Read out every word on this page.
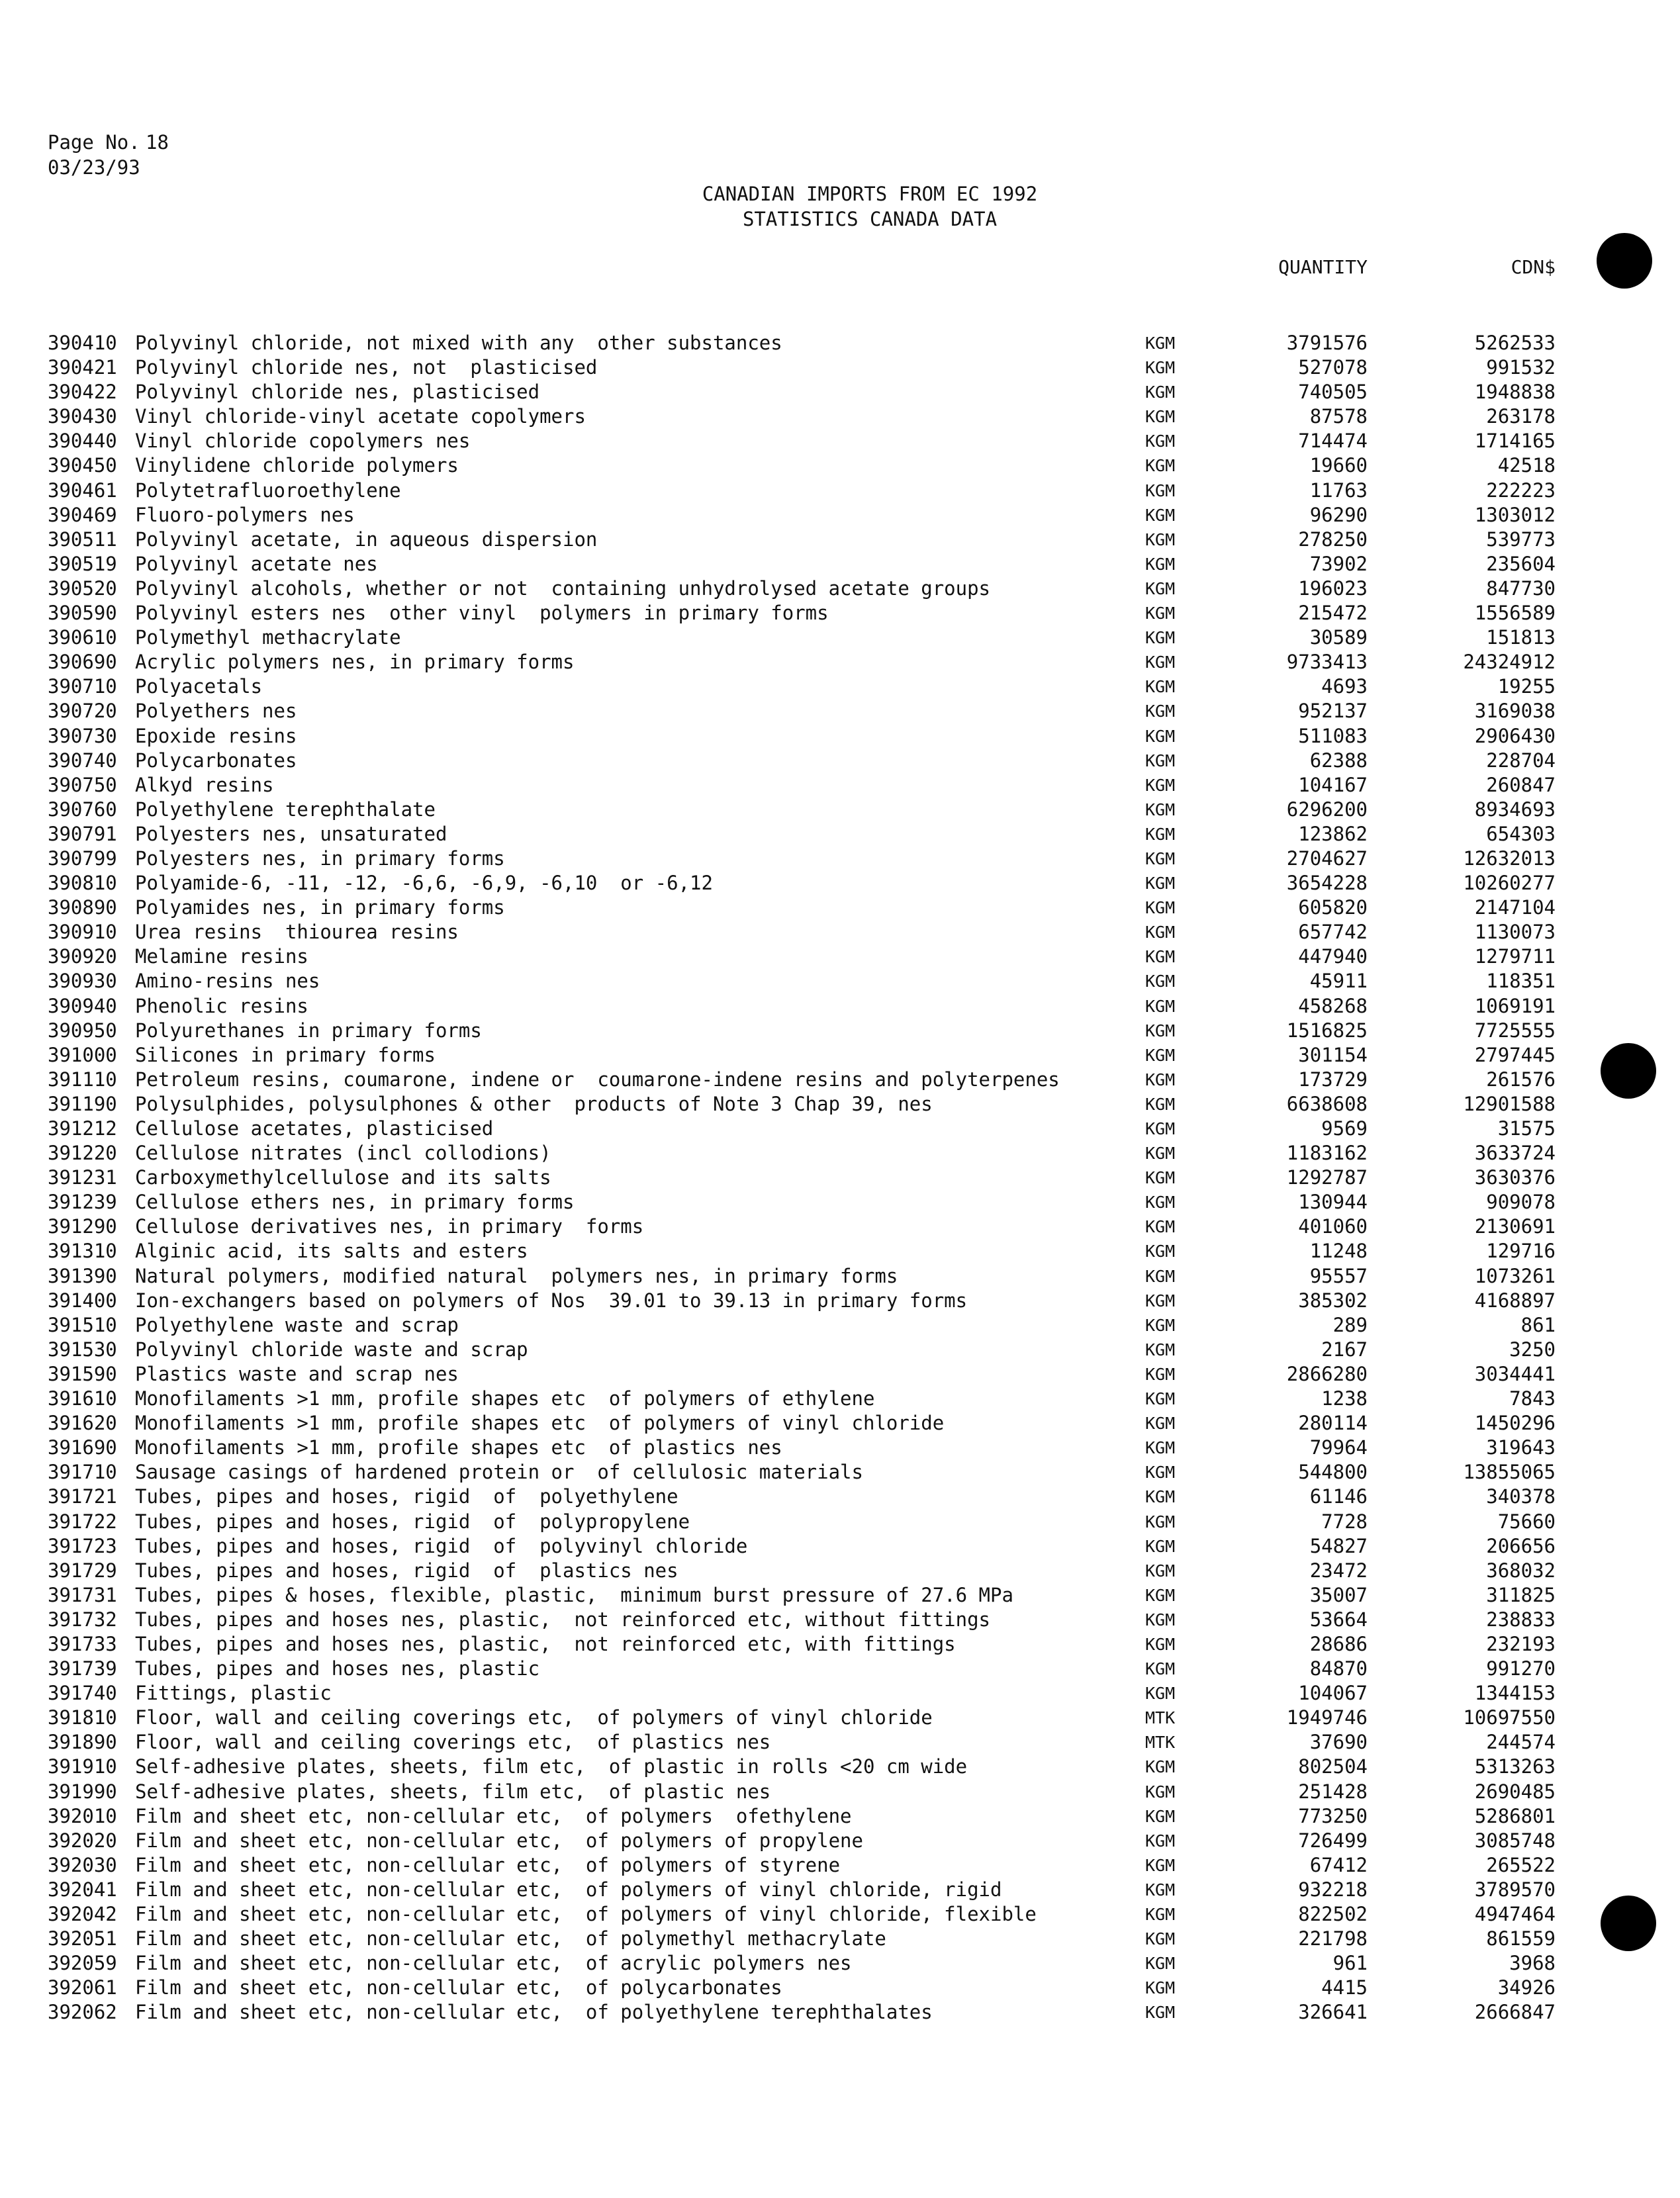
Page No. 18
03/23/93
CANADIAN IMPORTS FROM EC 1992
STATISTICS CANADA DATA
QUANTITY	CDN$
390410 Polyvinyl chloride, not mixed with any  other substances	KGM	3791576	5262533
390421 Polyvinyl chloride nes, not  plasticised	KGM	527078	991532
390422 Polyvinyl chloride nes, plasticised	KGM	740505	1948838
390430 Vinyl chloride-vinyl acetate copolymers	KGM	87578	263178
390440 Vinyl chloride copolymers nes	KGM	714474	1714165
390450 Vinylidene chloride polymers	KGM	19660	42518
390461 Polytetrafluoroethylene	KGM	11763	222223
390469 Fluoro-polymers nes	KGM	96290	1303012
390511 Polyvinyl acetate, in aqueous dispersion	KGM	278250	539773
390519 Polyvinyl acetate nes	KGM	73902	235604
390520 Polyvinyl alcohols, whether or not  containing unhydrolysed acetate groups	KGM	196023	847730
390590 Polyvinyl esters nes  other vinyl  polymers in primary forms	KGM	215472	1556589
390610 Polymethyl methacrylate	KGM	30589	151813
390690 Acrylic polymers nes, in primary forms	KGM	9733413	24324912
390710 Polyacetals	KGM	4693	19255
390720 Polyethers nes	KGM	952137	3169038
390730 Epoxide resins	KGM	511083	2906430
390740 Polycarbonates	KGM	62388	228704
390750 Alkyd resins	KGM	104167	260847
390760 Polyethylene terephthalate	KGM	6296200	8934693
390791 Polyesters nes, unsaturated	KGM	123862	654303
390799 Polyesters nes, in primary forms	KGM	2704627	12632013
390810 Polyamide-6, -11, -12, -6,6, -6,9, -6,10  or -6,12	KGM	3654228	10260277
390890 Polyamides nes, in primary forms	KGM	605820	2147104
390910 Urea resins  thiourea resins	KGM	657742	1130073
390920 Melamine resins	KGM	447940	1279711
390930 Amino-resins nes	KGM	45911	118351
390940 Phenolic resins	KGM	458268	1069191
390950 Polyurethanes in primary forms	KGM	1516825	7725555
391000 Silicones in primary forms	KGM	301154	2797445
391110 Petroleum resins, coumarone, indene or  coumarone-indene resins and polyterpenes	KGM	173729	261576
391190 Polysulphides, polysulphones & other  products of Note 3 Chap 39, nes	KGM	6638608	12901588
391212 Cellulose acetates, plasticised	KGM	9569	31575
391220 Cellulose nitrates (incl collodions)	KGM	1183162	3633724
391231 Carboxymethylcellulose and its salts	KGM	1292787	3630376
391239 Cellulose ethers nes, in primary forms	KGM	130944	909078
391290 Cellulose derivatives nes, in primary  forms	KGM	401060	2130691
391310 Alginic acid, its salts and esters	KGM	11248	129716
391390 Natural polymers, modified natural  polymers nes, in primary forms	KGM	95557	1073261
391400 Ion-exchangers based on polymers of Nos  39.01 to 39.13 in primary forms	KGM	385302	4168897
391510 Polyethylene waste and scrap	KGM	289	861
391530 Polyvinyl chloride waste and scrap	KGM	2167	3250
391590 Plastics waste and scrap nes	KGM	2866280	3034441
391610 Monofilaments >1 mm, profile shapes etc  of polymers of ethylene	KGM	1238	7843
391620 Monofilaments >1 mm, profile shapes etc  of polymers of vinyl chloride	KGM	280114	1450296
391690 Monofilaments >1 mm, profile shapes etc  of plastics nes	KGM	79964	319643
391710 Sausage casings of hardened protein or  of cellulosic materials	KGM	544800	13855065
391721 Tubes, pipes and hoses, rigid  of  polyethylene	KGM	61146	340378
391722 Tubes, pipes and hoses, rigid  of  polypropylene	KGM	7728	75660
391723 Tubes, pipes and hoses, rigid  of  polyvinyl chloride	KGM	54827	206656
391729 Tubes, pipes and hoses, rigid  of  plastics nes	KGM	23472	368032
391731 Tubes, pipes & hoses, flexible, plastic,  minimum burst pressure of 27.6 MPa	KGM	35007	311825
391732 Tubes, pipes and hoses nes, plastic,  not reinforced etc, without fittings	KGM	53664	238833
391733 Tubes, pipes and hoses nes, plastic,  not reinforced etc, with fittings	KGM	28686	232193
391739 Tubes, pipes and hoses nes, plastic	KGM	84870	991270
391740 Fittings, plastic	KGM	104067	1344153
391810 Floor, wall and ceiling coverings etc,  of polymers of vinyl chloride	MTK	1949746	10697550
391890 Floor, wall and ceiling coverings etc,  of plastics nes	MTK	37690	244574
391910 Self-adhesive plates, sheets, film etc,  of plastic in rolls <20 cm wide	KGM	802504	5313263
391990 Self-adhesive plates, sheets, film etc,  of plastic nes	KGM	251428	2690485
392010 Film and sheet etc, non-cellular etc,  of polymers  ofethylene	KGM	773250	5286801
392020 Film and sheet etc, non-cellular etc,  of polymers of propylene	KGM	726499	3085748
392030 Film and sheet etc, non-cellular etc,  of polymers of styrene	KGM	67412	265522
392041 Film and sheet etc, non-cellular etc,  of polymers of vinyl chloride, rigid	KGM	932218	3789570
392042 Film and sheet etc, non-cellular etc,  of polymers of vinyl chloride, flexible	KGM	822502	4947464
392051 Film and sheet etc, non-cellular etc,  of polymethyl methacrylate	KGM	221798	861559
392059 Film and sheet etc, non-cellular etc,  of acrylic polymers nes	KGM	961	3968
392061 Film and sheet etc, non-cellular etc,  of polycarbonates	KGM	4415	34926
392062 Film and sheet etc, non-cellular etc,  of polyethylene terephthalates	KGM	326641	2666847
